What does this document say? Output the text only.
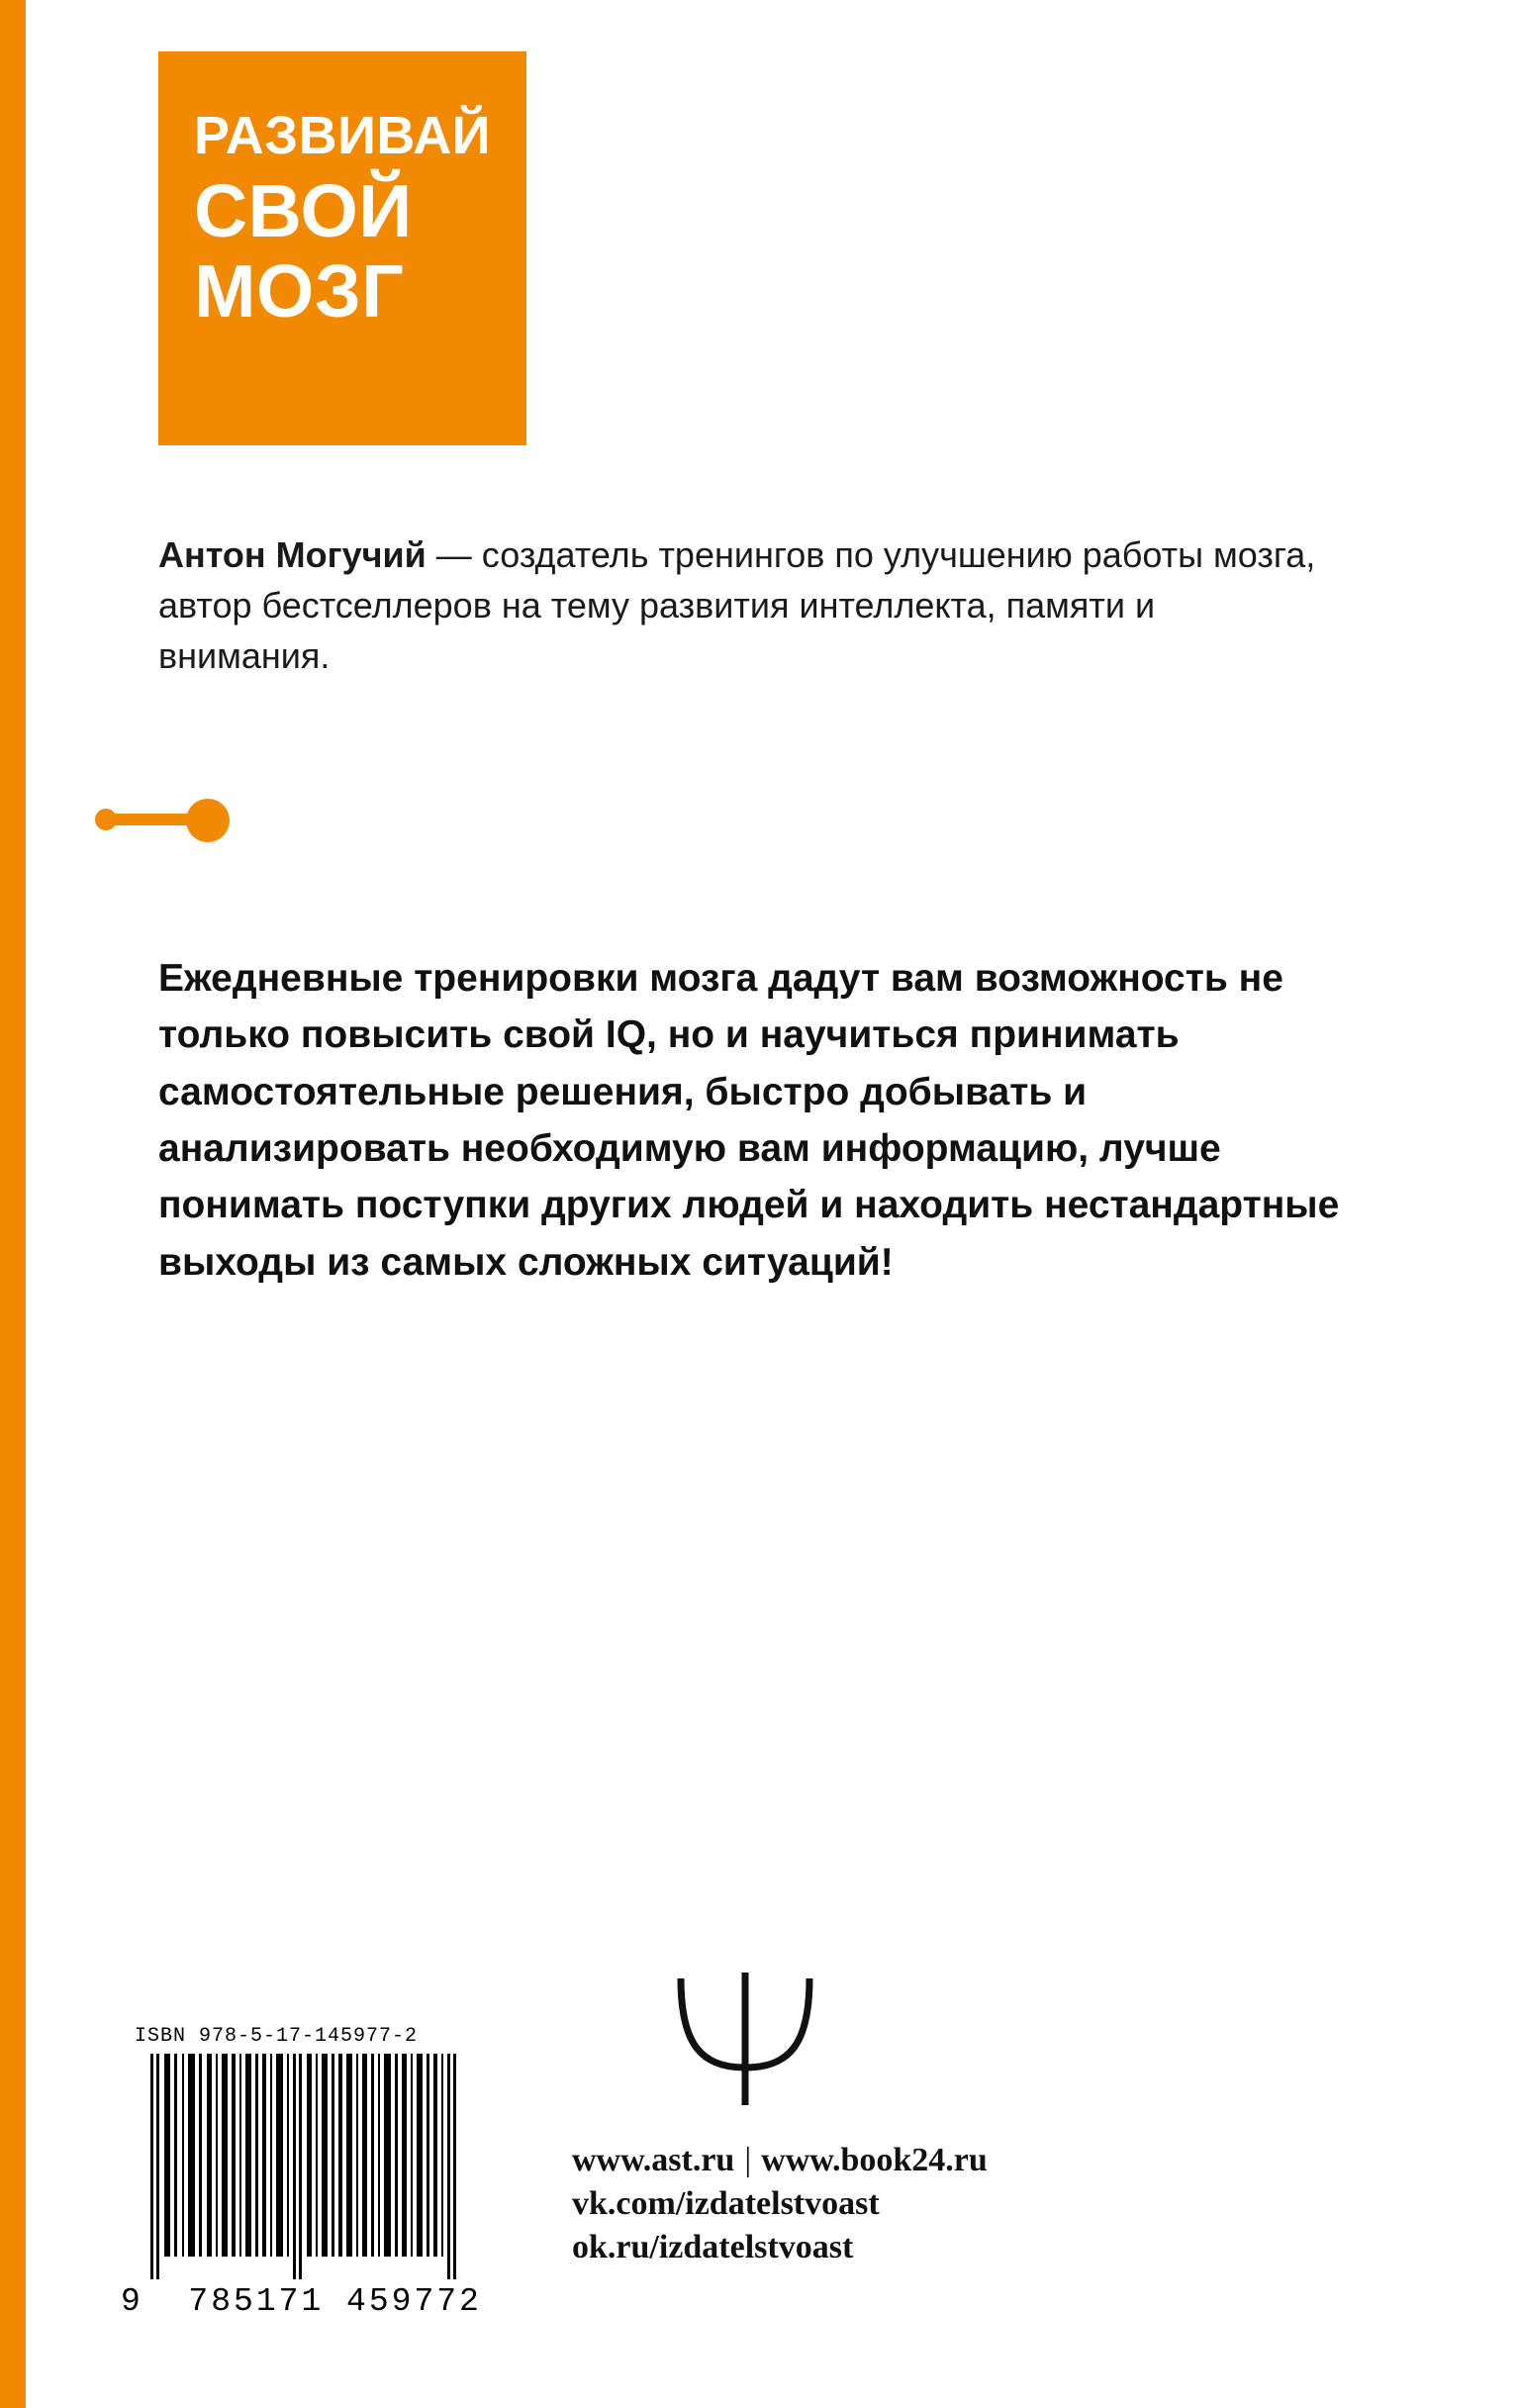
РАЗВИВАЙ
СВОЙ
МОЗГ
Антон Могучий — создатель тренингов по улучшению работы мозга, автор бестселлеров на тему развития интеллекта, памяти и внимания.
Ежедневные тренировки мозга дадут вам возможность не только повысить свой IQ, но и научиться принимать самостоятельные решения, быстро добывать и анализировать необходимую вам информацию, лучше понимать поступки других людей и находить нестандартные выходы из самых сложных ситуаций!
ISBN 978-5-17-145977-2
9 785171 459772
www.ast.ru | www.book24.ru
vk.com/izdatelstvoast
ok.ru/izdatelstvoast
